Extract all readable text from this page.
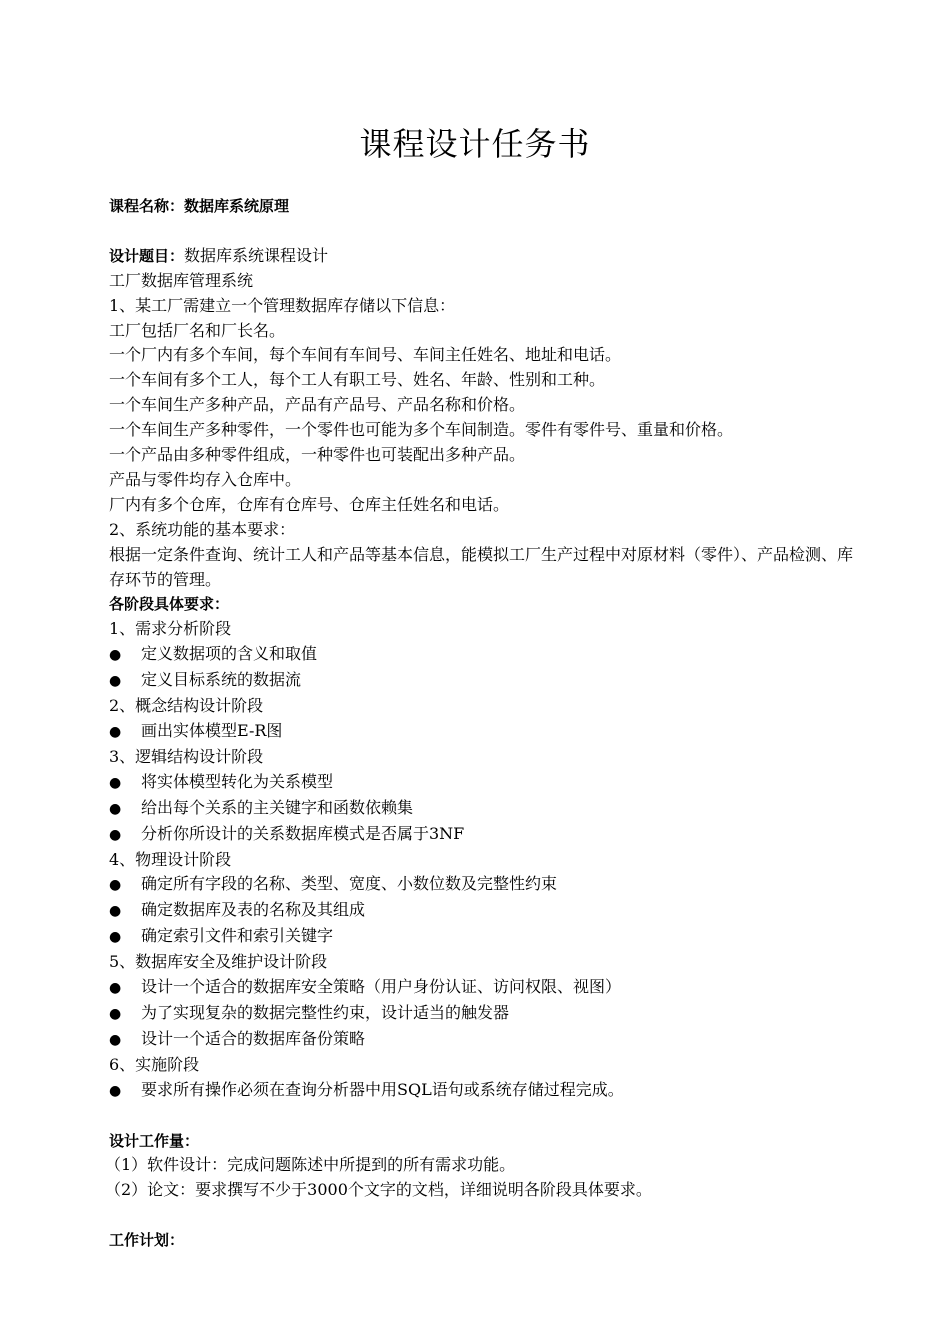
课程设计任务书
课程名称：数据库系统原理
设计题目：数据库系统课程设计
工厂数据库管理系统
1、某工厂需建立一个管理数据库存储以下信息：
工厂包括厂名和厂长名。
一个厂内有多个车间，每个车间有车间号、车间主任姓名、地址和电话。
一个车间有多个工人，每个工人有职工号、姓名、年龄、性别和工种。
一个车间生产多种产品，产品有产品号、产品名称和价格。
一个车间生产多种零件，一个零件也可能为多个车间制造。零件有零件号、重量和价格。
一个产品由多种零件组成，一种零件也可装配出多种产品。
产品与零件均存入仓库中。
厂内有多个仓库，仓库有仓库号、仓库主任姓名和电话。
2、系统功能的基本要求：
根据一定条件查询、统计工人和产品等基本信息，能模拟工厂生产过程中对原材料（零件）、产品检测、库存环节的管理。
各阶段具体要求：
1、需求分析阶段
● 定义数据项的含义和取值
● 定义目标系统的数据流
2、概念结构设计阶段
● 画出实体模型E-R图
3、逻辑结构设计阶段
● 将实体模型转化为关系模型
● 给出每个关系的主关键字和函数依赖集
● 分析你所设计的关系数据库模式是否属于3NF
4、物理设计阶段
● 确定所有字段的名称、类型、宽度、小数位数及完整性约束
● 确定数据库及表的名称及其组成
● 确定索引文件和索引关键字
5、数据库安全及维护设计阶段
● 设计一个适合的数据库安全策略（用户身份认证、访问权限、视图）
● 为了实现复杂的数据完整性约束，设计适当的触发器
● 设计一个适合的数据库备份策略
6、实施阶段
● 要求所有操作必须在查询分析器中用SQL语句或系统存储过程完成。
设计工作量：
（1）软件设计：完成问题陈述中所提到的所有需求功能。
（2）论文：要求撰写不少于3000个文字的文档，详细说明各阶段具体要求。
工作计划：
